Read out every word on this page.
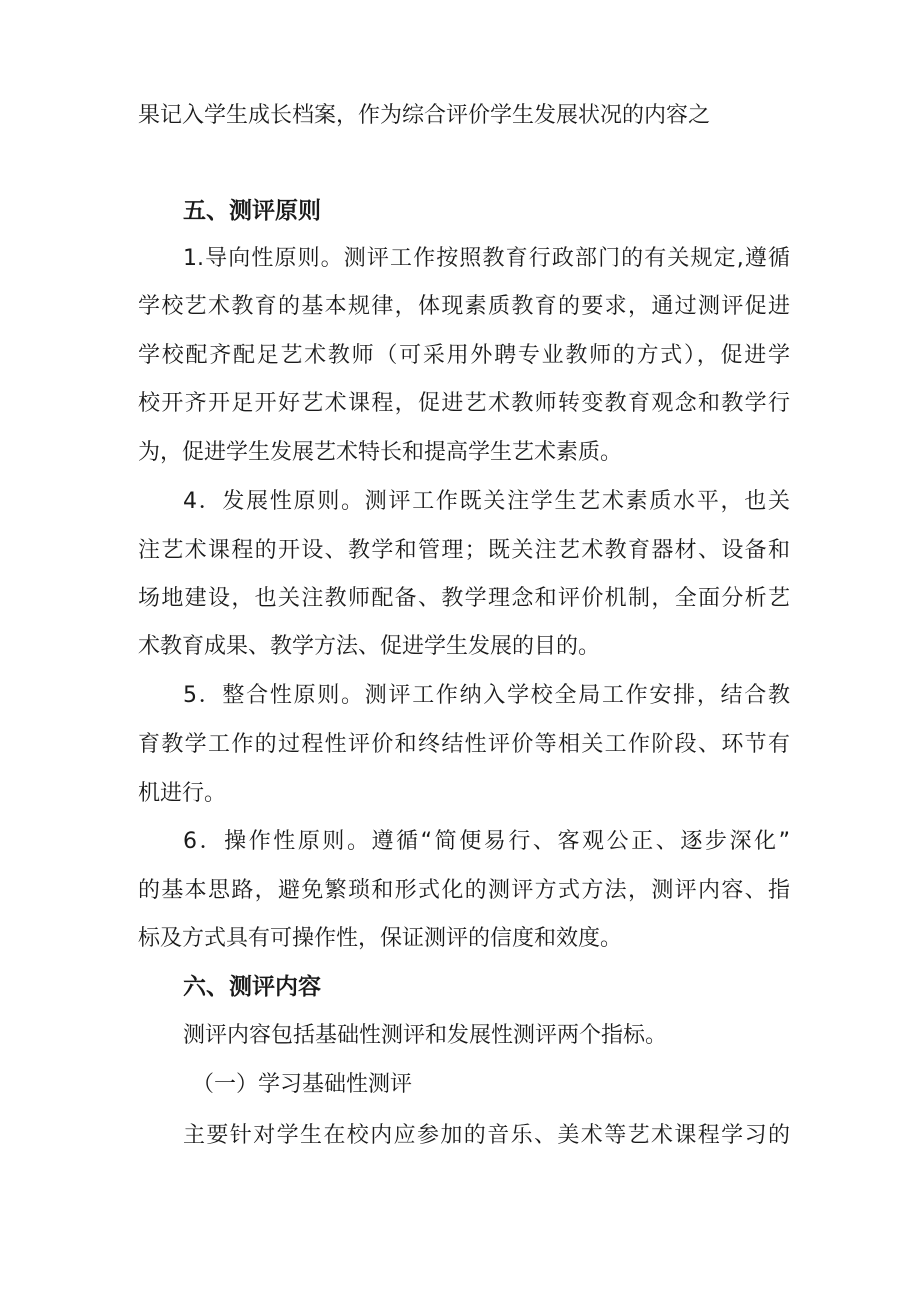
果记入学生成长档案，作为综合评价学生发展状况的内容之
五、测评原则
1.导向性原则。测评工作按照教育行政部门的有关规定,遵循
学校艺术教育的基本规律，体现素质教育的要求，通过测评促进
学校配齐配足艺术教师（可采用外聘专业教师的方式），促进学
校开齐开足开好艺术课程，促进艺术教师转变教育观念和教学行
为，促进学生发展艺术特长和提高学生艺术素质。
4．发展性原则。测评工作既关注学生艺术素质水平，也关
注艺术课程的开设、教学和管理；既关注艺术教育器材、设备和
场地建设，也关注教师配备、教学理念和评价机制，全面分析艺
术教育成果、教学方法、促进学生发展的目的。
5．整合性原则。测评工作纳入学校全局工作安排，结合教
育教学工作的过程性评价和终结性评价等相关工作阶段、环节有
机进行。
6．操作性原则。遵循“简便易行、客观公正、逐步深化”
的基本思路，避免繁琐和形式化的测评方式方法，测评内容、指
标及方式具有可操作性，保证测评的信度和效度。
六、测评内容
测评内容包括基础性测评和发展性测评两个指标。
（一）学习基础性测评
主要针对学生在校内应参加的音乐、美术等艺术课程学习的
